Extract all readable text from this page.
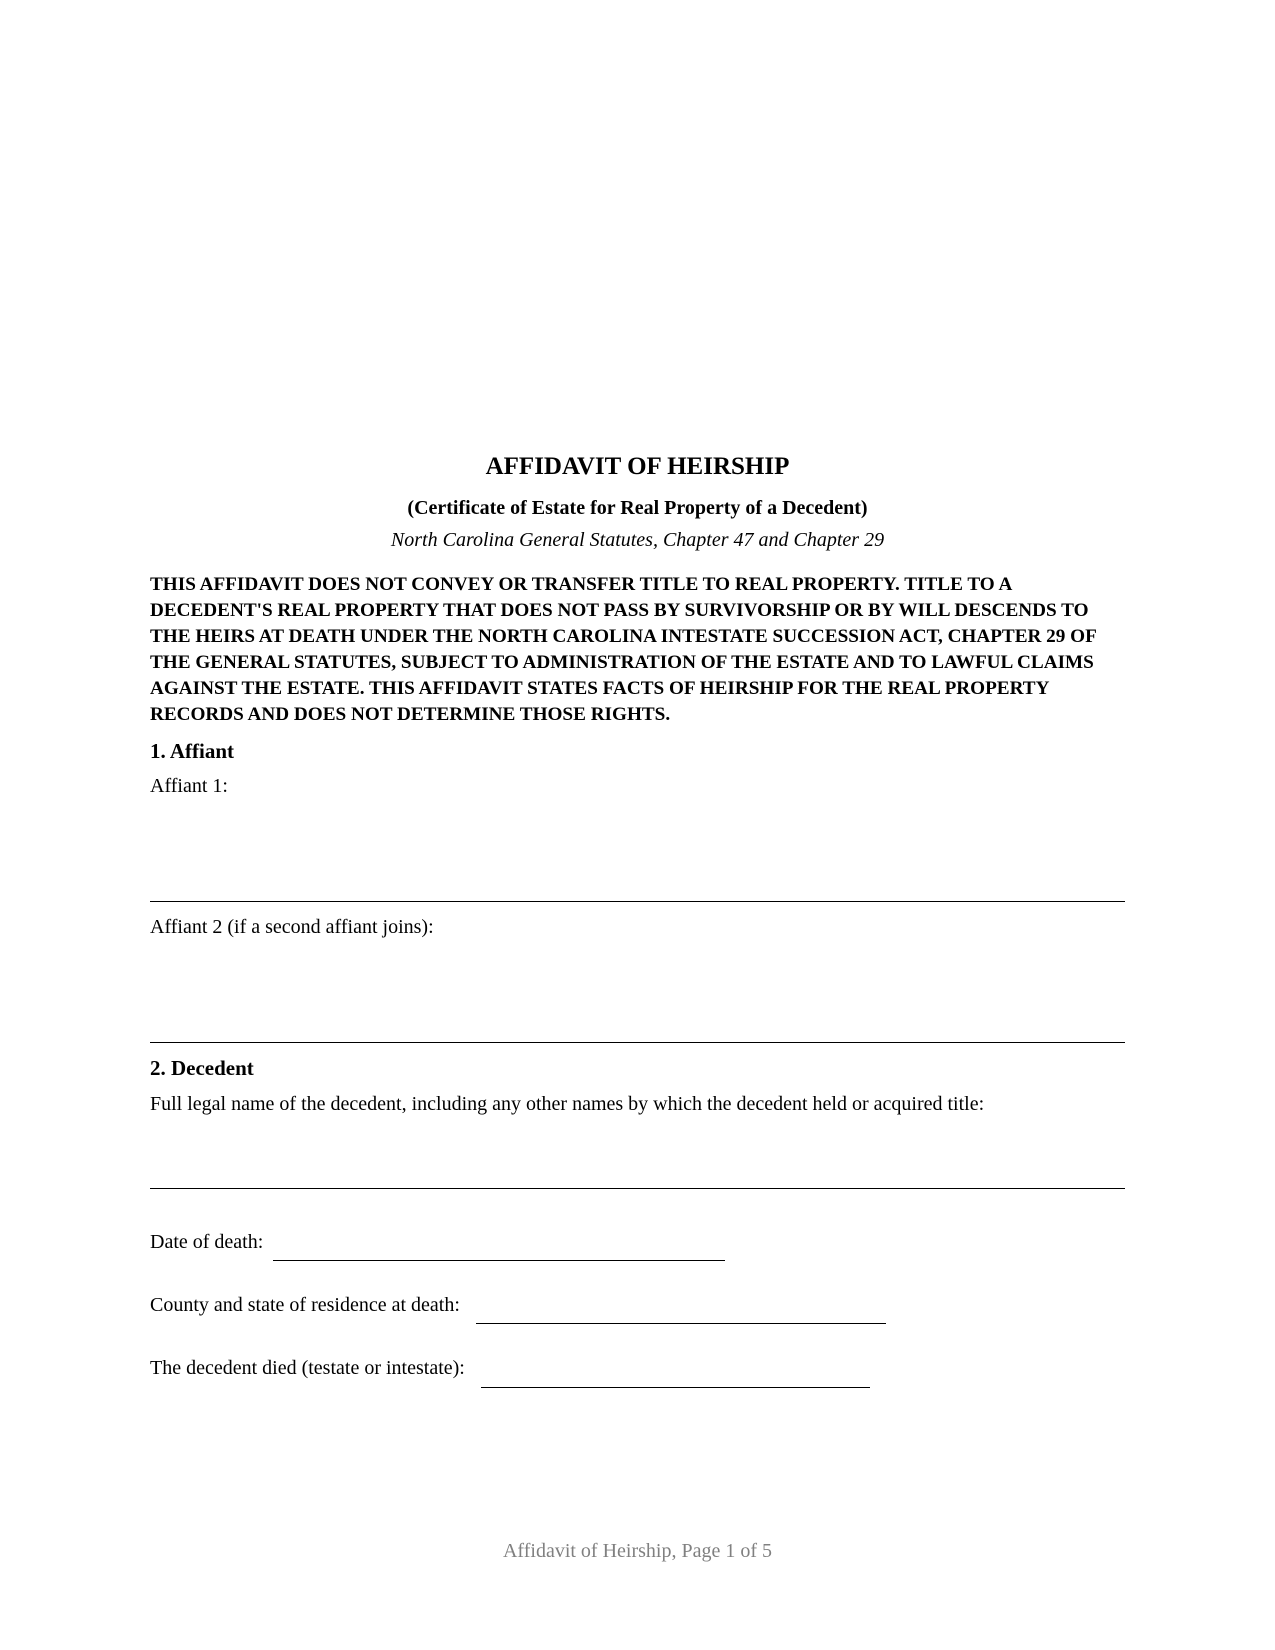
AFFIDAVIT OF HEIRSHIP
(Certificate of Estate for Real Property of a Decedent)
North Carolina General Statutes, Chapter 47 and Chapter 29

THIS AFFIDAVIT DOES NOT CONVEY OR TRANSFER TITLE TO REAL PROPERTY. TITLE TO A DECEDENT'S REAL PROPERTY THAT DOES NOT PASS BY SURVIVORSHIP OR BY WILL DESCENDS TO THE HEIRS AT DEATH UNDER THE NORTH CAROLINA INTESTATE SUCCESSION ACT, CHAPTER 29 OF THE GENERAL STATUTES, SUBJECT TO ADMINISTRATION OF THE ESTATE AND TO LAWFUL CLAIMS AGAINST THE ESTATE. THIS AFFIDAVIT STATES FACTS OF HEIRSHIP FOR THE REAL PROPERTY RECORDS AND DOES NOT DETERMINE THOSE RIGHTS.

1. Affiant
Affiant 1:
Affiant 2 (if a second affiant joins):
2. Decedent
Full legal name of the decedent, including any other names by which the decedent held or acquired title:
Date of death:
County and state of residence at death:
The decedent died (testate or intestate):
Affidavit of Heirship, Page 1 of 5
